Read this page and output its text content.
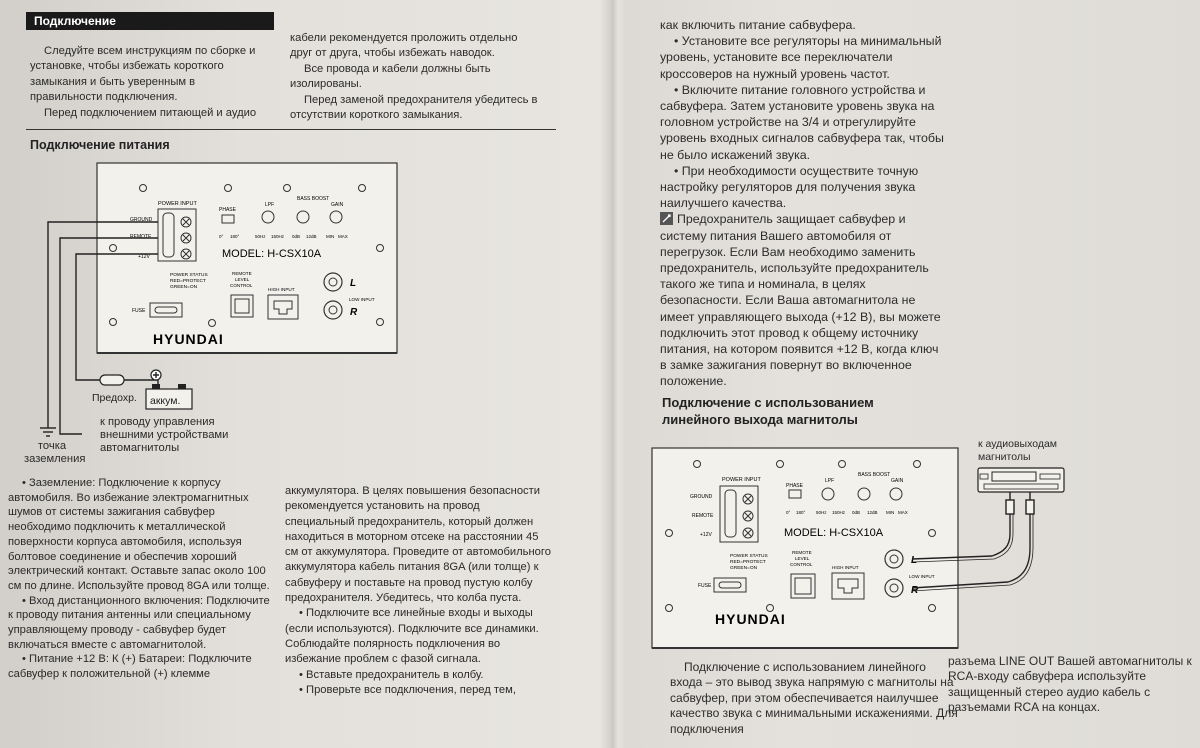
Подключение

Следуйте всем инструкциям по сборке и установке, чтобы избежать короткого замыкания и быть уверенным в правильности подключения.

Перед подключением питающей и аудио

кабели рекомендуется проложить отдельно друг от друга, чтобы избежать наводок.

Все провода и кабели должны быть изолированы.

Перед заменой предохранителя убедитесь в отсутствии короткого замыкания.

Подключение питания
POWER INPUT
GROUND
REMOTE
+12V
PHASE
0° 180°
LPF
50Hz 150Hz
BASS BOOST
0dB 12dB
GAIN
MIN MAX
MODEL: H-CSX10A
POWER STATUS
RED=PROTECT
GREEN=ON
REMOTE
LEVEL
CONTROL
HIGH INPUT
L
LOW INPUT
R
FUSE
HYUNDAI
Предохр. аккум.
к проводу управления внешними устройствами автомагнитолы
точка заземления

• Заземление: Подключение к корпусу автомобиля. Во избежание электромагнитных шумов от системы зажигания сабвуфер необходимо подключить к металлической поверхности корпуса автомобиля, используя болтовое соединение и обеспечив хороший электрический контакт. Оставьте запас около 100 см по длине. Используйте провод 8GA или толще.

• Вход дистанционного включения: Подключите к проводу питания антенны или специальному управляющему проводу - сабвуфер будет включаться вместе с автомагнитолой.

• Питание +12 В: К (+) Батареи: Подключите сабвуфер к положительной (+) клемме

аккумулятора. В целях повышения безопасности рекомендуется установить на провод специальный предохранитель, который должен находиться в моторном отсеке на расстоянии 45 см от аккумулятора. Проведите от автомобильного аккумулятора кабель питания 8GA (или толще) к сабвуферу и поставьте на провод пустую колбу предохранителя. Убедитесь, что колба пуста.

• Подключите все линейные входы и выходы (если используются). Подключите все динамики. Соблюдайте полярность подключения во избежание проблем с фазой сигнала.

• Вставьте предохранитель в колбу.

• Проверьте все подключения, перед тем,

как включить питание сабвуфера.

• Установите все регуляторы на минимальный уровень, установите все переключатели кроссоверов на нужный уровень частот.

• Включите питание головного устройства и сабвуфера. Затем установите уровень звука на головном устройстве на 3/4 и отрегулируйте уровень входных сигналов сабвуфера так, чтобы не было искажений звука.

• При необходимости осуществите точную настройку регуляторов для получения звука наилучшего качества.

Предохранитель защищает сабвуфер и систему питания Вашего автомобиля от перегрузок. Если Вам необходимо заменить предохранитель, используйте предохранитель такого же типа и номинала, в целях безопасности. Если Ваша автомагнитола не имеет управляющего выхода (+12 В), вы можете подключить этот провод к общему источнику питания, на котором появится +12 В, когда ключ в замке зажигания повернут во включенное положение.

Подключение с использованием
линейного выхода магнитолы
к аудиовыходам магнитолы
POWER INPUT
GROUND
REMOTE
+12V
PHASE
0° 180°
LPF
50Hz 150Hz
BASS BOOST
0dB 12dB
GAIN
MIN MAX
MODEL: H-CSX10A
POWER STATUS
RED=PROTECT
GREEN=ON
REMOTE
LEVEL
CONTROL
HIGH INPUT
L
LOW INPUT
R
FUSE
HYUNDAI
Подключение с использованием линейного входа – это вывод звука напрямую с магнитолы на сабвуфер, при этом обеспечивается наилучшее качество звука с минимальными искажениями. Для подключения
разъема LINE OUT Вашей автомагнитолы к RCA-входу сабвуфера используйте защищенный стерео аудио кабель с разъемами RCA на концах.
